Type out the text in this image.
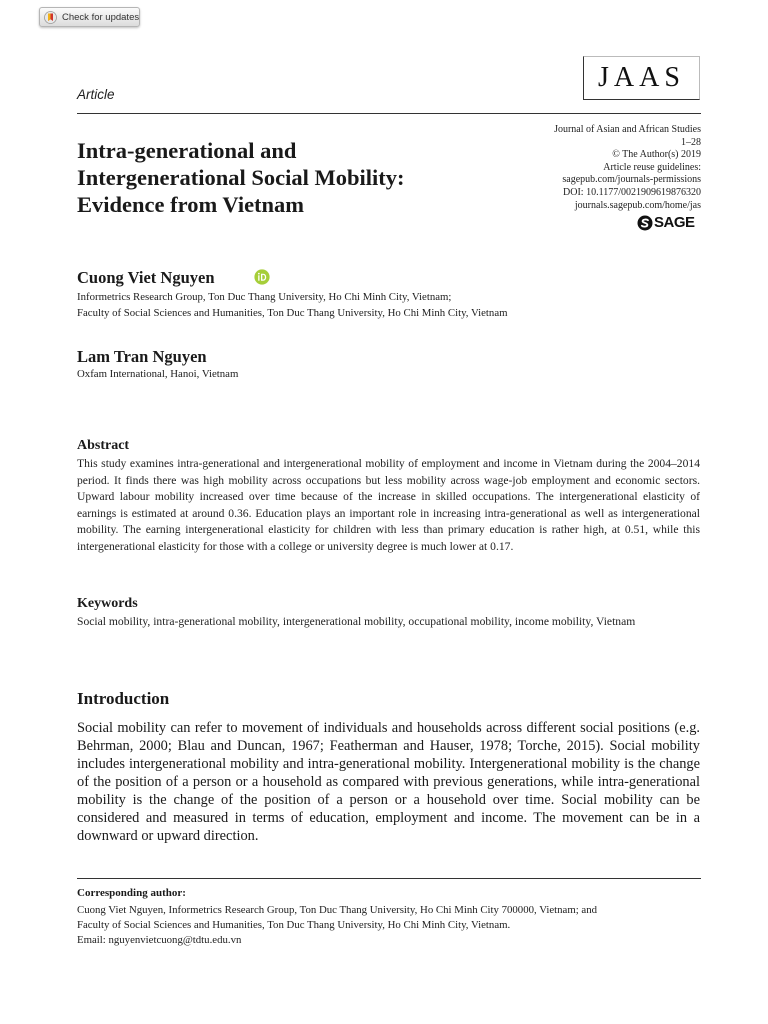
Check for updates
Article
JAAS
Journal of Asian and African Studies
1–28
© The Author(s) 2019
Article reuse guidelines:
sagepub.com/journals-permissions
DOI: 10.1177/0021909619876320
journals.sagepub.com/home/jas
SAGE
Intra-generational and
Intergenerational Social Mobility:
Evidence from Vietnam
Cuong Viet Nguyen
Informetrics Research Group, Ton Duc Thang University, Ho Chi Minh City, Vietnam;
Faculty of Social Sciences and Humanities, Ton Duc Thang University, Ho Chi Minh City, Vietnam
Lam Tran Nguyen
Oxfam International, Hanoi, Vietnam
Abstract

This study examines intra-generational and intergenerational mobility of employment and income in Vietnam during the 2004–2014 period. It finds there was high mobility across occupations but less mobility across wage-job employment and economic sectors. Upward labour mobility increased over time because of the increase in skilled occupations. The intergenerational elasticity of earnings is estimated at around 0.36. Education plays an important role in increasing intra-generational as well as intergenerational mobility. The earning intergenerational elasticity for children with less than primary education is rather high, at 0.51, while this intergenerational elasticity for those with a college or university degree is much lower at 0.17.

Keywords

Social mobility, intra-generational mobility, intergenerational mobility, occupational mobility, income mobility, Vietnam

Introduction

Social mobility can refer to movement of individuals and households across different social positions (e.g. Behrman, 2000; Blau and Duncan, 1967; Featherman and Hauser, 1978; Torche, 2015). Social mobility includes intergenerational mobility and intra-generational mobility. Intergenerational mobility is the change of the position of a person or a household as compared with previous generations, while intra-generational mobility is the change of the position of a person or a household over time. Social mobility can be considered and measured in terms of education, employment and income. The movement can be in a downward or upward direction.

Corresponding author:
Cuong Viet Nguyen, Informetrics Research Group, Ton Duc Thang University, Ho Chi Minh City 700000, Vietnam; and
Faculty of Social Sciences and Humanities, Ton Duc Thang University, Ho Chi Minh City, Vietnam.
Email: nguyenvietcuong@tdtu.edu.vn
